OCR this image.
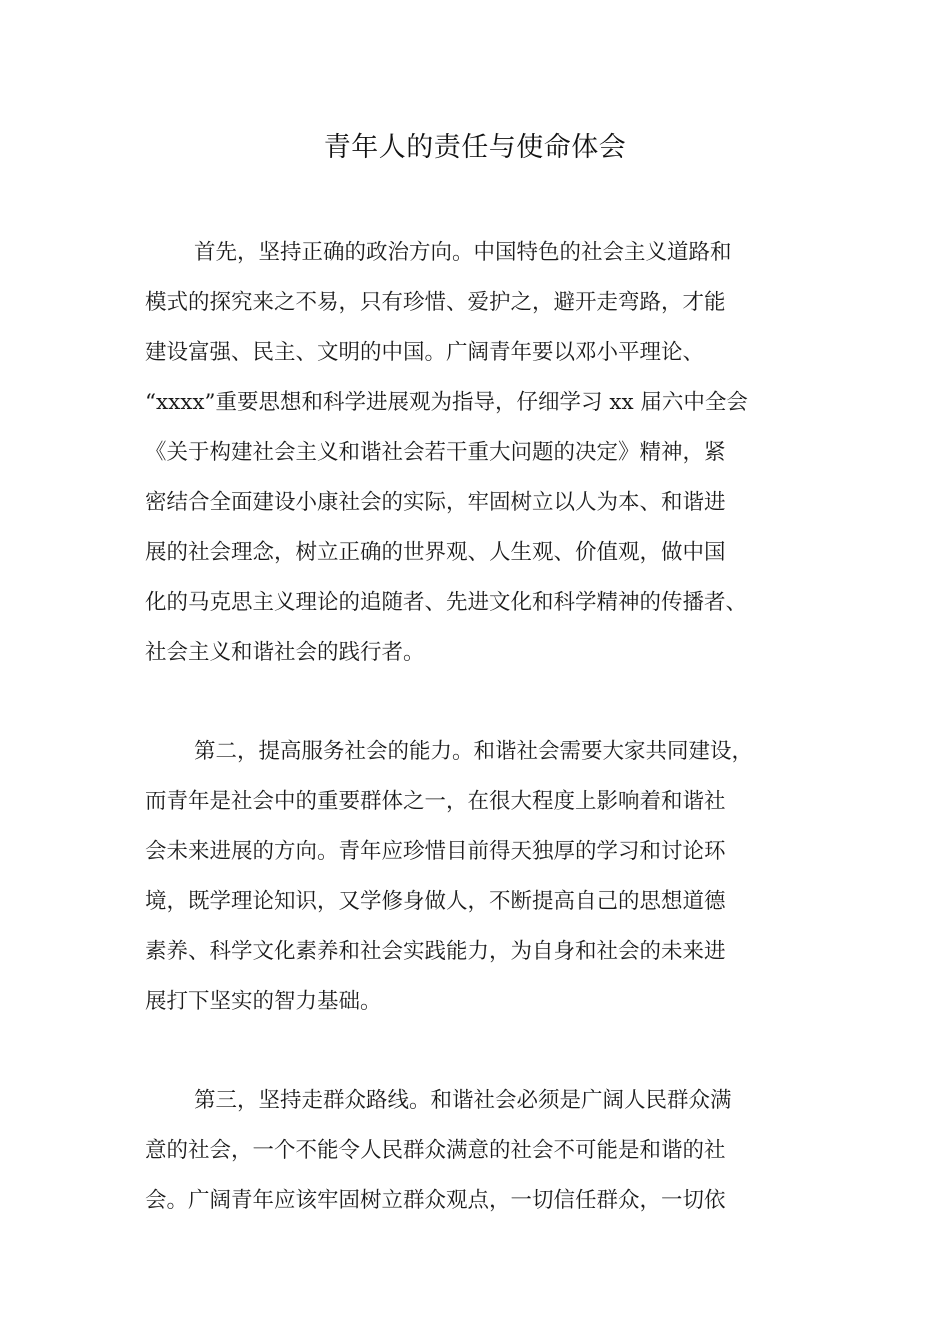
青年人的责任与使命体会
首先，坚持正确的政治方向。中国特色的社会主义道路和
模式的探究来之不易，只有珍惜、爱护之，避开走弯路，才能
建设富强、民主、文明的中国。广阔青年要以邓小平理论、
“xxxx”重要思想和科学进展观为指导，仔细学习 xx 届六中全会
《关于构建社会主义和谐社会若干重大问题的决定》精神，紧
密结合全面建设小康社会的实际，牢固树立以人为本、和谐进
展的社会理念，树立正确的世界观、人生观、价值观，做中国
化的马克思主义理论的追随者、先进文化和科学精神的传播者、
社会主义和谐社会的践行者。
第二，提高服务社会的能力。和谐社会需要大家共同建设，
而青年是社会中的重要群体之一，在很大程度上影响着和谐社
会未来进展的方向。青年应珍惜目前得天独厚的学习和讨论环
境，既学理论知识，又学修身做人，不断提高自己的思想道德
素养、科学文化素养和社会实践能力，为自身和社会的未来进
展打下坚实的智力基础。
第三，坚持走群众路线。和谐社会必须是广阔人民群众满
意的社会，一个不能令人民群众满意的社会不可能是和谐的社
会。广阔青年应该牢固树立群众观点，一切信任群众，一切依
